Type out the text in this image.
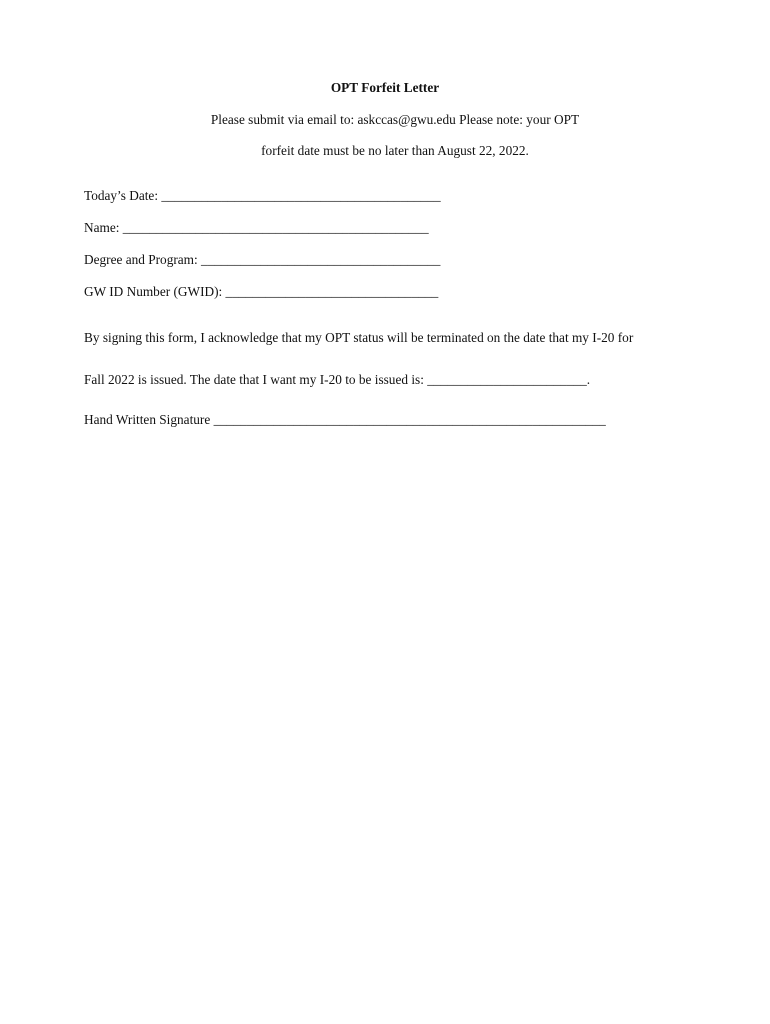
OPT Forfeit Letter
Please submit via email to: askccas@gwu.edu Please note: your OPT
forfeit date must be no later than August 22, 2022.
Today’s Date: __________________________________________
Name: ______________________________________________
Degree and Program: ____________________________________
GW ID Number (GWID): ________________________________
By signing this form, I acknowledge that my OPT status will be terminated on the date that my I-20 for
Fall 2022 is issued. The date that I want my I-20 to be issued is: ________________________.
Hand Written Signature ___________________________________________________________
